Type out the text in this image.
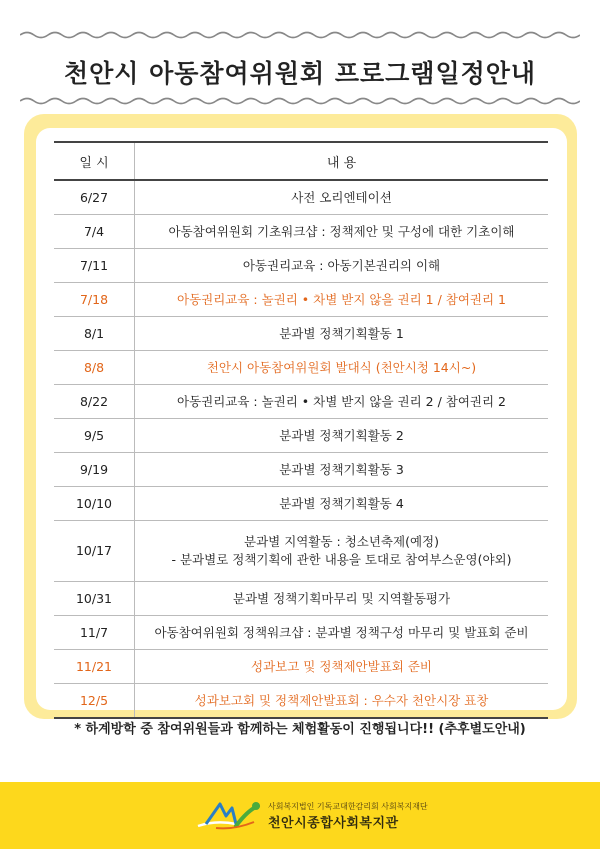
천안시 아동참여위원회 프로그램일정안내
일 시	내 용
6/27	사전 오리엔테이션
7/4	아동참여위원회 기초워크샵 : 정책제안 및 구성에 대한 기초이해
7/11	아동권리교육 : 아동기본권리의 이해
7/18	아동권리교육 : 놀권리 • 차별 받지 않을 권리 1 / 참여권리 1
8/1	분과별 정책기획활동 1
8/8	천안시 아동참여위원회 발대식 (천안시청 14시~)
8/22	아동권리교육 : 놀권리 • 차별 받지 않을 권리 2 / 참여권리 2
9/5	분과별 정책기획활동 2
9/19	분과별 정책기획활동 3
10/10	분과별 정책기획활동 4
10/17	분과별 지역활동 : 청소년축제(예정)
- 분과별로 정책기획에 관한 내용을 토대로 참여부스운영(야외)

10/31	분과별 정책기획마무리 및 지역활동평가
11/7	아동참여위원회 정책워크샵 : 분과별 정책구성 마무리 및 발표회 준비
11/21	성과보고 및 정책제안발표회 준비
12/5	성과보고회 및 정책제안발표회 : 우수자 천안시장 표창
* 하계방학 중 참여위원들과 함께하는 체험활동이 진행됩니다!! (추후별도안내)
사회복지법인 기독교대한감리회 사회복지재단
천안시종합사회복지관
